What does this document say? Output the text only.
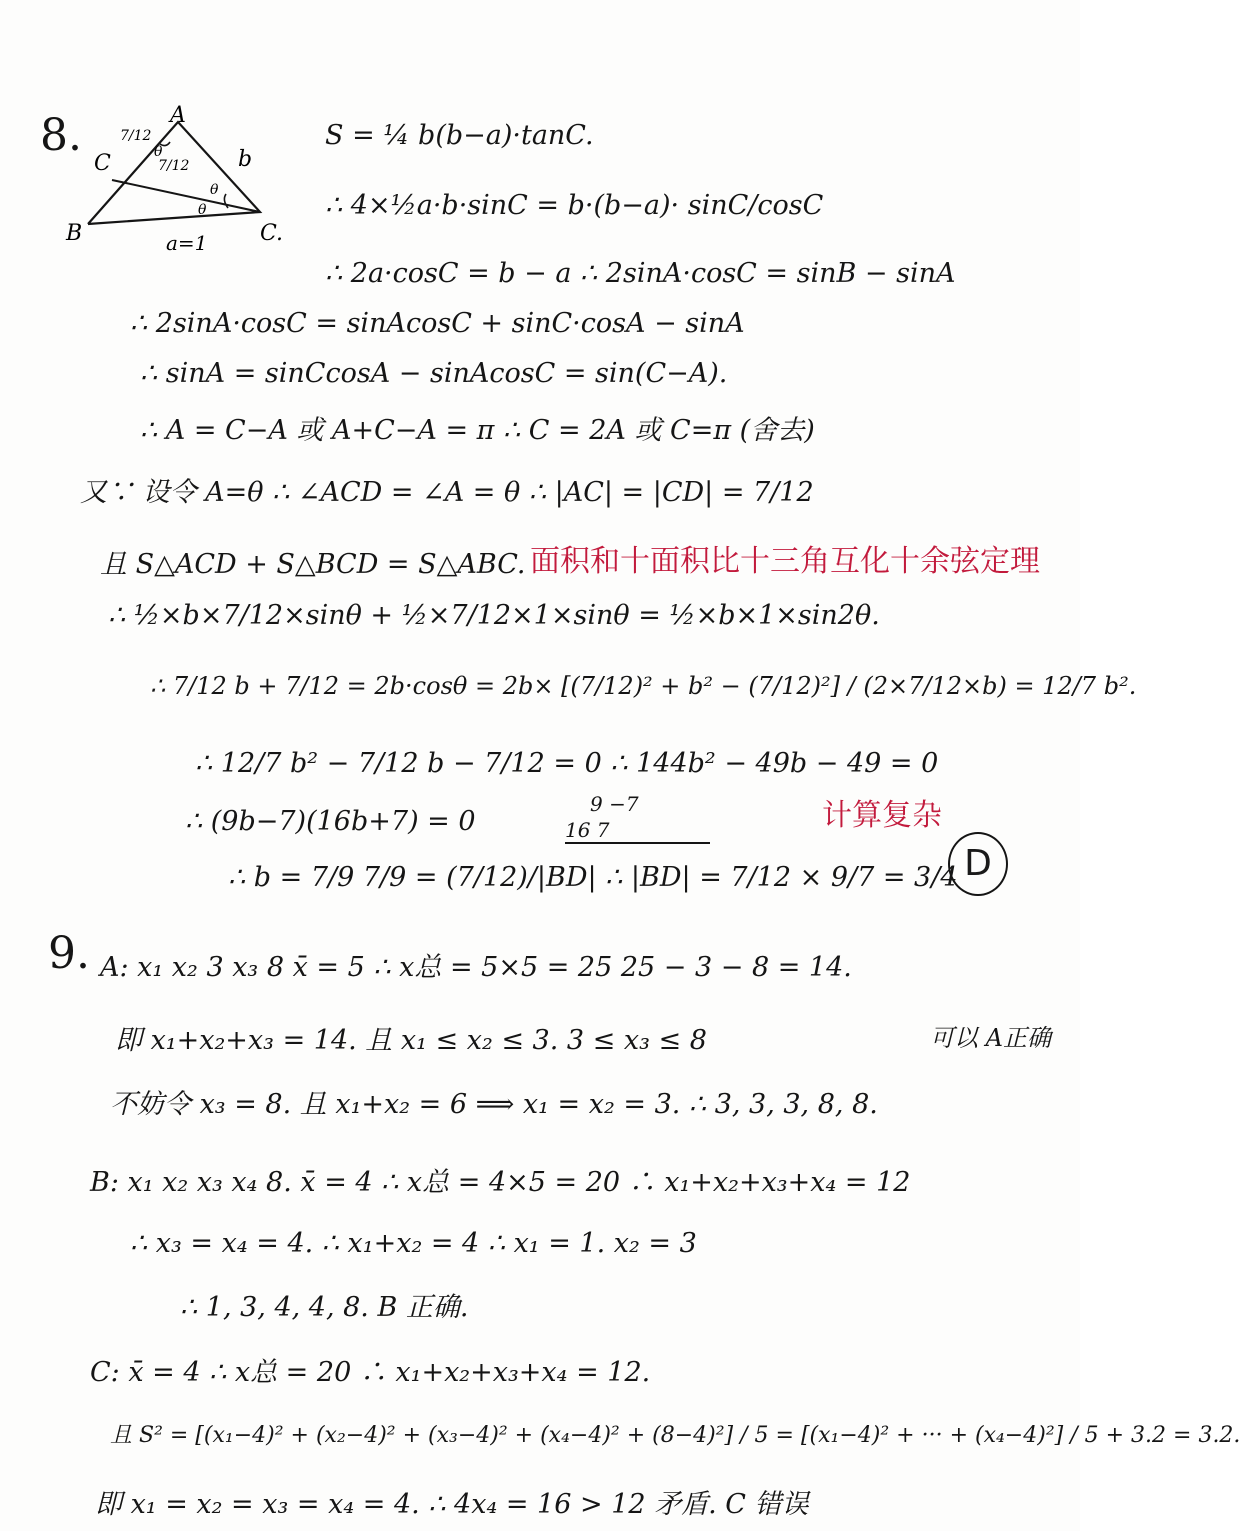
8.	A
B	C.
C
7/12
7/12 b
a=1
θ
θ
θ
S = ¼ b(b−a)·tanC.
∴ 4×½a·b·sinC = b·(b−a)· sinC/cosC
∴ 2a·cosC = b − a ∴ 2sinA·cosC = sinB − sinA
∴ 2sinA·cosC = sinAcosC + sinC·cosA − sinA
∴ sinA = sinCcosA − sinAcosC = sin(C−A).
∴ A = C−A 或 A+C−A = π ∴ C = 2A 或 C=π (舍去)
又∵ 设令 A=θ ∴ ∠ACD = ∠A = θ ∴ |AC| = |CD| = 7/12
且 S△ACD + S△BCD = S△ABC. 面积和十面积比十三角互化十余弦定理
∴ ½×b×7/12×sinθ + ½×7/12×1×sinθ = ½×b×1×sin2θ.
∴ 7/12 b + 7/12 = 2b·cosθ = 2b× [(7/12)² + b² − (7/12)²] / (2×7/12×b) = 12/7 b².
∴ 12/7 b² − 7/12 b − 7/12 = 0 ∴ 144b² − 49b − 49 = 0
计算复杂
9 −7
∴ (9b−7)(16b+7) = 0	16 7
∴ b = 7/9 7/9 = (7/12)/|BD| ∴ |BD| = 7/12 × 9/7 = 3/4 D
9. A: x₁ x₂ 3 x₃ 8 x̄ = 5 ∴ x总 = 5×5 = 25 25 − 3 − 8 = 14.
即 x₁+x₂+x₃ = 14. 且 x₁ ≤ x₂ ≤ 3. 3 ≤ x₃ ≤ 8	可以 A正确
不妨令 x₃ = 8. 且 x₁+x₂ = 6 ⟹ x₁ = x₂ = 3. ∴ 3, 3, 3, 8, 8.
B: x₁ x₂ x₃ x₄ 8. x̄ = 4 ∴ x总 = 4×5 = 20 ∴ x₁+x₂+x₃+x₄ = 12
∴ x₃ = x₄ = 4. ∴ x₁+x₂ = 4 ∴ x₁ = 1. x₂ = 3
∴ 1, 3, 4, 4, 8. B 正确.
C: x̄ = 4 ∴ x总 = 20 ∴ x₁+x₂+x₃+x₄ = 12.
且 S² = [(x₁−4)² + (x₂−4)² + (x₃−4)² + (x₄−4)² + (8−4)²] / 5 = [(x₁−4)² + ··· + (x₄−4)²] / 5 + 3.2 = 3.2.
即 x₁ = x₂ = x₃ = x₄ = 4. ∴ 4x₄ = 16 > 12 矛盾. C 错误
